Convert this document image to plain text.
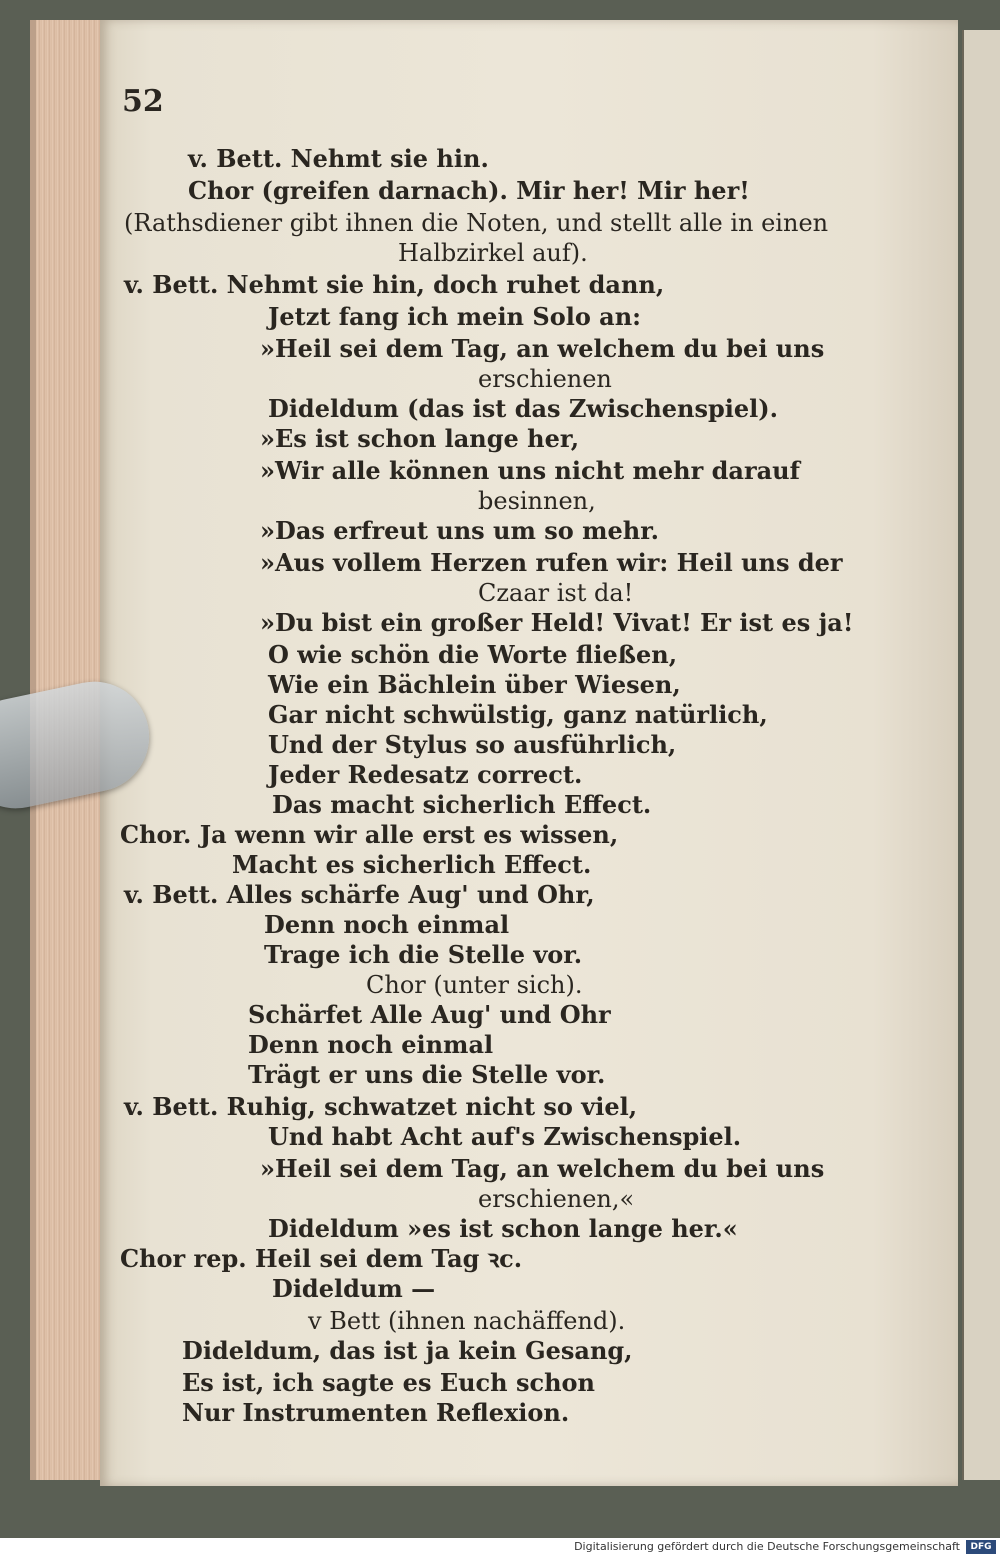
52
v. Bett. Nehmt sie hin.
Chor (greifen darnach). Mir her! Mir her!
(Rathsdiener gibt ihnen die Noten, und stellt alle in einen
Halbzirkel auf).
v. Bett. Nehmt sie hin, doch ruhet dann,
Jetzt fang ich mein Solo an:
»Heil sei dem Tag, an welchem du bei uns
erschienen
Dideldum (das ist das Zwischenspiel).
»Es ist schon lange her,
»Wir alle können uns nicht mehr darauf
besinnen,
»Das erfreut uns um so mehr.
»Aus vollem Herzen rufen wir: Heil uns der
Czaar ist da!
»Du bist ein großer Held! Vivat! Er ist es ja!
O wie schön die Worte fließen,
Wie ein Bächlein über Wiesen,
Gar nicht schwülstig, ganz natürlich,
Und der Stylus so ausführlich,
Jeder Redesatz correct.
Das macht sicherlich Effect.
Chor. Ja wenn wir alle erst es wissen,
Macht es sicherlich Effect.
v. Bett. Alles schärfe Aug' und Ohr,
Denn noch einmal
Trage ich die Stelle vor.
Chor (unter sich).
Schärfet Alle Aug' und Ohr
Denn noch einmal
Trägt er uns die Stelle vor.
v. Bett. Ruhig, schwatzet nicht so viel,
Und habt Acht auf's Zwischenspiel.
»Heil sei dem Tag, an welchem du bei uns
erschienen,«
Dideldum »es ist schon lange her.«
Chor rep. Heil sei dem Tag ꝛc.
Dideldum —
v Bett (ihnen nachäffend).
Dideldum, das ist ja kein Gesang,
Es ist, ich sagte es Euch schon
Nur Instrumenten Reflexion.
Digitalisierung gefördert durch die Deutsche Forschungsgemeinschaft	DFG
